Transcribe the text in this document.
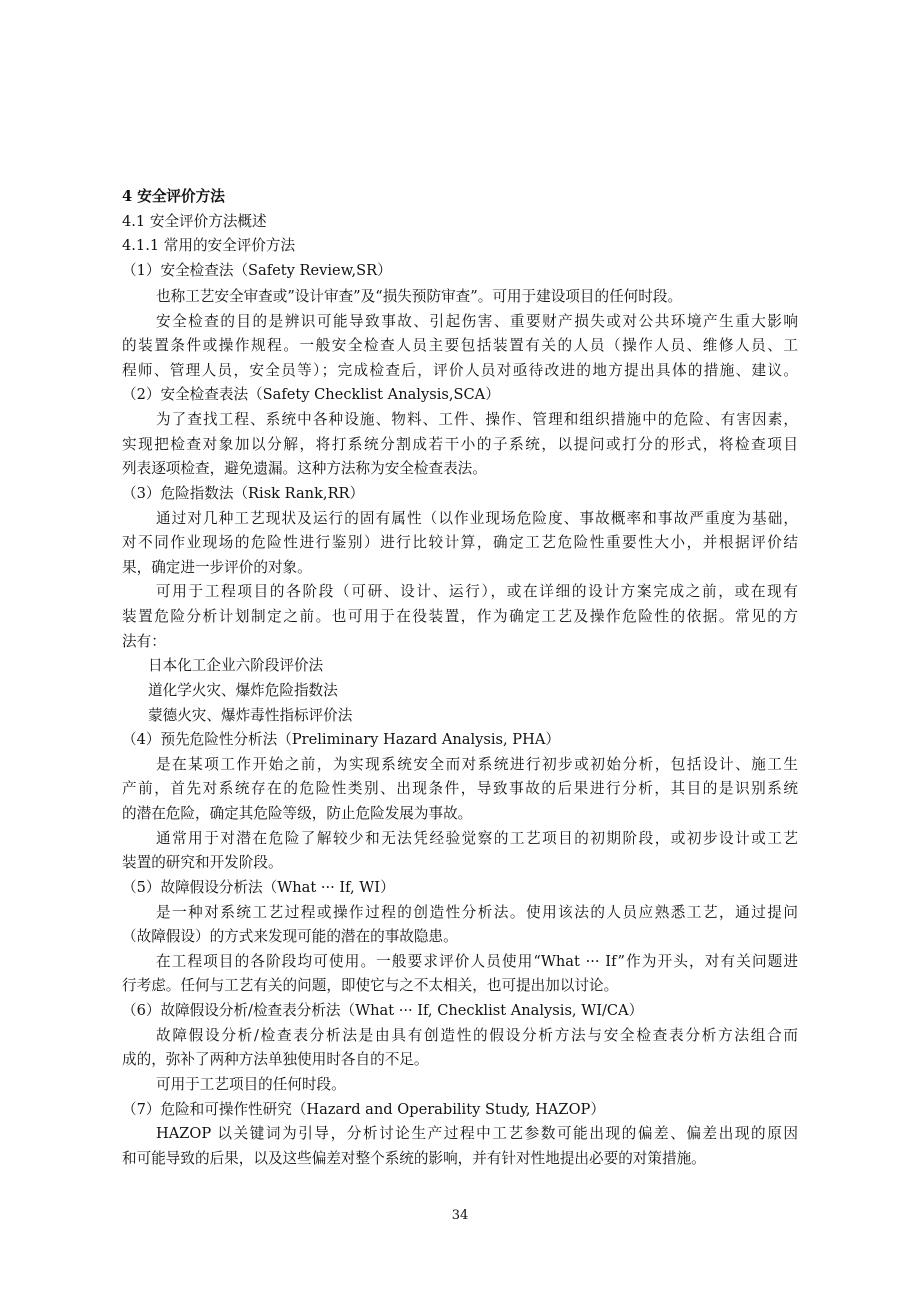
4 安全评价方法
4.1 安全评价方法概述
4.1.1 常用的安全评价方法
（1）安全检查法（Safety Review,SR）
也称工艺安全审查或”设计审查”及“损失预防审查”。可用于建设项目的任何时段。
安全检查的目的是辨识可能导致事故、引起伤害、重要财产损失或对公共环境产生重大影响
的装置条件或操作规程。一般安全检查人员主要包括装置有关的人员（操作人员、维修人员、工
程师、管理人员，安全员等）；完成检查后，评价人员对亟待改进的地方提出具体的措施、建议。
（2）安全检查表法（Safety Checklist Analysis,SCA）
为了查找工程、系统中各种设施、物料、工件、操作、管理和组织措施中的危险、有害因素，
实现把检查对象加以分解，将打系统分割成若干小的子系统，以提问或打分的形式，将检查项目
列表逐项检查，避免遗漏。这种方法称为安全检查表法。
（3）危险指数法（Risk Rank,RR）
通过对几种工艺现状及运行的固有属性（以作业现场危险度、事故概率和事故严重度为基础，
对不同作业现场的危险性进行鉴别）进行比较计算，确定工艺危险性重要性大小，并根据评价结
果，确定进一步评价的对象。
可用于工程项目的各阶段（可研、设计、运行），或在详细的设计方案完成之前，或在现有
装置危险分析计划制定之前。也可用于在役装置，作为确定工艺及操作危险性的依据。常见的方
法有：
日本化工企业六阶段评价法
道化学火灾、爆炸危险指数法
蒙德火灾、爆炸毒性指标评价法
（4）预先危险性分析法（Preliminary Hazard Analysis, PHA）
是在某项工作开始之前，为实现系统安全而对系统进行初步或初始分析，包括设计、施工生
产前，首先对系统存在的危险性类别、出现条件，导致事故的后果进行分析，其目的是识别系统
的潜在危险，确定其危险等级，防止危险发展为事故。
通常用于对潜在危险了解较少和无法凭经验觉察的工艺项目的初期阶段，或初步设计或工艺
装置的研究和开发阶段。
（5）故障假设分析法（What ··· If, WI）
是一种对系统工艺过程或操作过程的创造性分析法。使用该法的人员应熟悉工艺，通过提问
（故障假设）的方式来发现可能的潜在的事故隐患。
在工程项目的各阶段均可使用。一般要求评价人员使用“What ··· If”作为开头，对有关问题进
行考虑。任何与工艺有关的问题，即使它与之不太相关，也可提出加以讨论。
（6）故障假设分析/检查表分析法（What ··· If, Checklist Analysis, WI/CA）
故障假设分析/检查表分析法是由具有创造性的假设分析方法与安全检查表分析方法组合而
成的，弥补了两种方法单独使用时各自的不足。
可用于工艺项目的任何时段。
（7）危险和可操作性研究（Hazard and Operability Study, HAZOP）
HAZOP 以关键词为引导，分析讨论生产过程中工艺参数可能出现的偏差、偏差出现的原因
和可能导致的后果，以及这些偏差对整个系统的影响，并有针对性地提出必要的对策措施。
34
